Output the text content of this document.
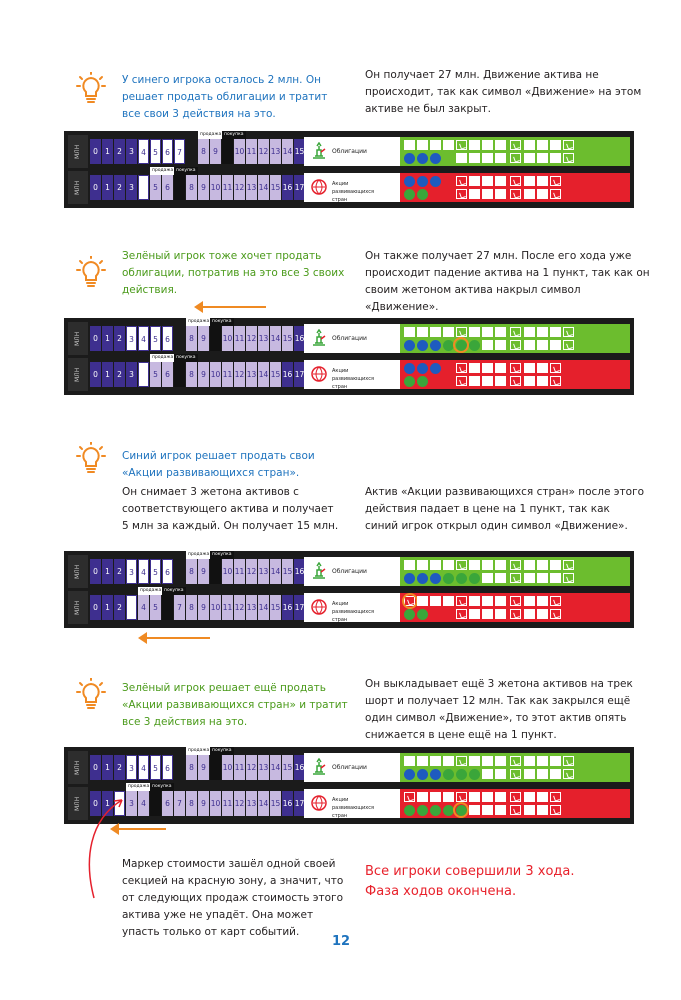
У синего игрока осталось 2 млн. Он решает продать облигации и тратит все свои 3 действия на это.
Он получает 27 млн. Движение актива не происходит, так как символ «Движение» на этом активе не был закрыт.
МЛН	0 1 2 3 4 5 6 7	8 9	10 11 12 13 14 15
продажа покупка
Облигации
МЛН	0 1 2 3	5 6	8 9 10 11 12 13 14 15 16 17
продажа покупка
Акции
развивающихся
стран
Зелёный игрок тоже хочет продать облигации, потратив на это все 3 своих действия.
Он также получает 27 млн. После его хода уже происходит падение актива на 1 пункт, так как он своим жетоном актива накрыл символ «Движение».
МЛН	0 1 2 3 4 5 6	8 9	10 11 12 13 14 15 16
продажа покупка
Облигации
МЛН	0 1 2 3	5 6	8 9 10 11 12 13 14 15 16 17
продажа покупка
Акции
развивающихся
стран
Синий игрок решает продать свои «Акции развивающихся стран».
Он снимает 3 жетона активов с соответствующего актива и получает 5 млн за каждый. Он получает 15 млн.
Актив «Акции развивающихся стран» после этого действия падает в цене на 1 пункт, так как синий игрок открыл один символ «Движение».
МЛН	0 1 2 3 4 5 6	8 9	10 11 12 13 14 15 16
продажа покупка
Облигации
МЛН	0 1 2	4 5	7 8 9 10 11 12 13 14 15 16 17
продажа покупка
Акции
развивающихся
стран
Зелёный игрок решает ещё продать «Акции развивающихся стран» и тратит все 3 действия на это.
Он выкладывает ещё 3 жетона активов на трек шорт и получает 12 млн. Так как закрылся ещё один символ «Движение», то этот актив опять снижается в цене ещё на 1 пункт.
МЛН	0 1 2 3 4 5 6	8 9	10 11 12 13 14 15 16
продажа покупка
Облигации
МЛН	0 1	3 4	6 7 8 9 10 11 12 13 14 15 16 17
продажа покупка
Акции
развивающихся
стран
Маркер стоимости зашёл одной своей секцией на красную зону, а значит, что от следующих продаж стоимость этого актива уже не упадёт. Она может упасть только от карт событий.
Все игроки совершили 3 хода. Фаза ходов окончена.
12
